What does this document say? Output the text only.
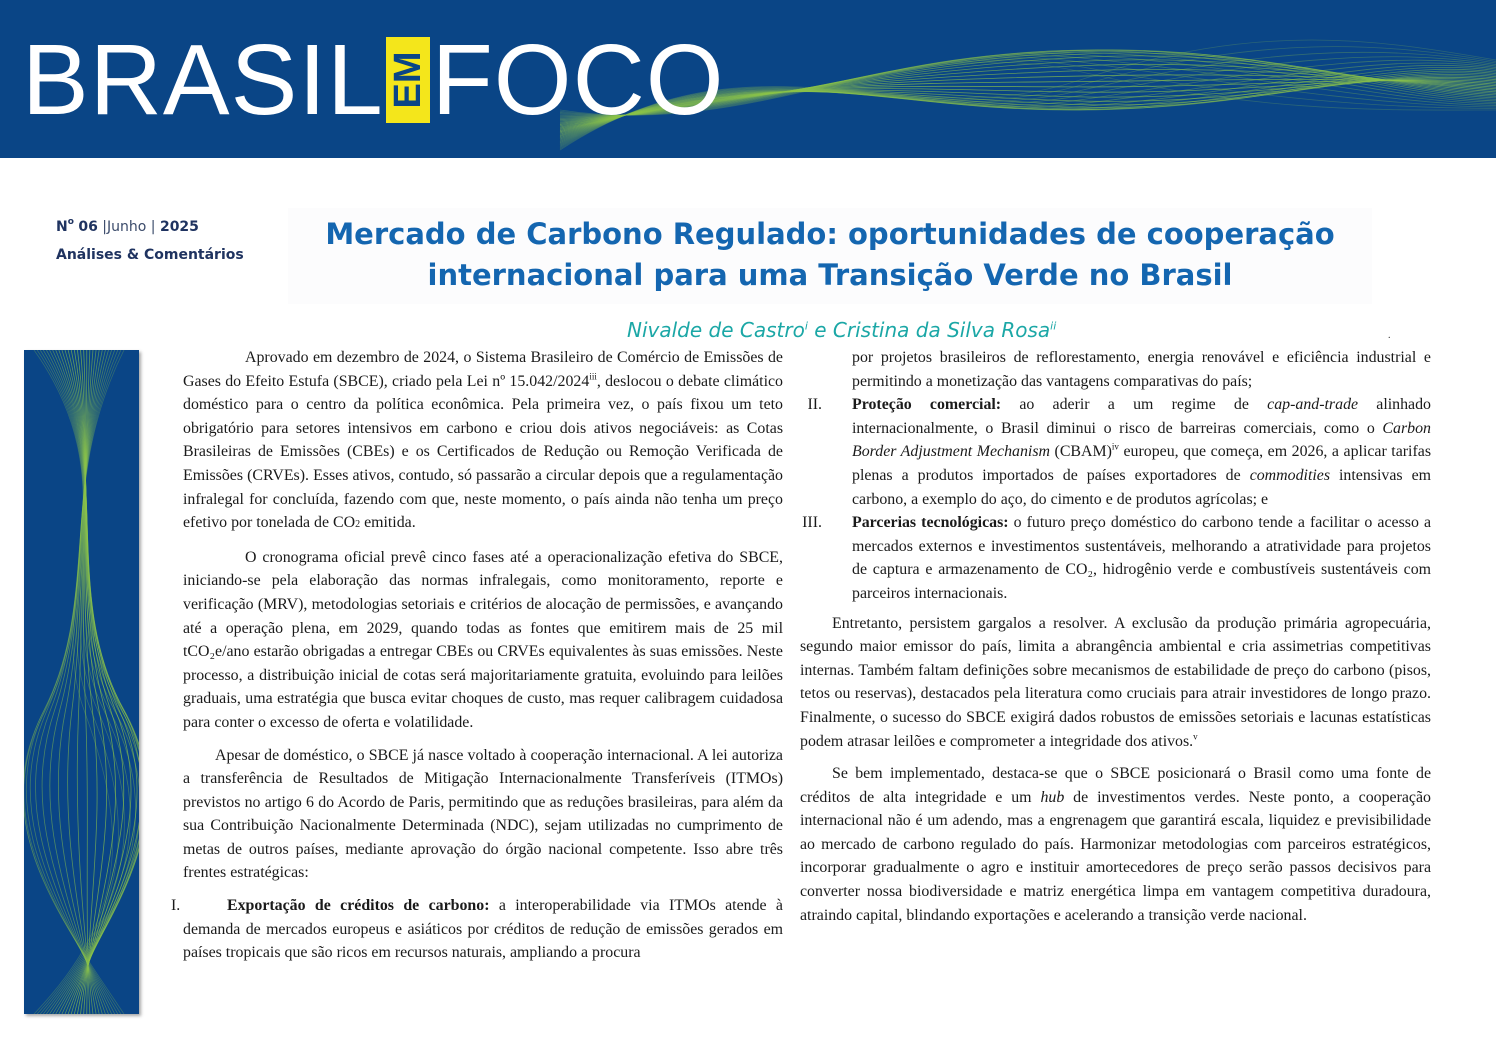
BRASIL EM FOCO
$N^o$ 06 |Junho | 2025
Análises & Comentários
Mercado de Carbono Regulado: oportunidades de cooperação internacional para uma Transição Verde no Brasil
Nivalde de Castro$^i$ e Cristina da Silva Rosa$^{ii}$
.

Aprovado em dezembro de 2024, o Sistema Brasileiro de Comércio de Emissões de Gases do Efeito Estufa (SBCE), criado pela Lei nº 15.042/2024$^{iii}$, deslocou o debate climático doméstico para o centro da política econômica. Pela primeira vez, o país fixou um teto obrigatório para setores intensivos em carbono e criou dois ativos negociáveis: as Cotas Brasileiras de Emissões (CBEs) e os Certificados de Redução ou Remoção Verificada de Emissões (CRVEs). Esses ativos, contudo, só passarão a circular depois que a regulamentação infralegal for concluída, fazendo com que, neste momento, o país ainda não tenha um preço efetivo por tonelada de CO2 emitida.

O cronograma oficial prevê cinco fases até a operacionalização efetiva do SBCE, iniciando-se pela elaboração das normas infralegais, como monitoramento, reporte e verificação (MRV), metodologias setoriais e critérios de alocação de permissões, e avançando até a operação plena, em 2029, quando todas as fontes que emitirem mais de 25 mil tCO₂e/ano estarão obrigadas a entregar CBEs ou CRVEs equivalentes às suas emissões. Neste processo, a distribuição inicial de cotas será majoritariamente gratuita, evoluindo para leilões graduais, uma estratégia que busca evitar choques de custo, mas requer calibragem cuidadosa para conter o excesso de oferta e volatilidade.

Apesar de doméstico, o SBCE já nasce voltado à cooperação internacional. A lei autoriza a transferência de Resultados de Mitigação Internacionalmente Transferíveis (ITMOs) previstos no artigo 6 do Acordo de Paris, permitindo que as reduções brasileiras, para além da sua Contribuição Nacionalmente Determinada (NDC), sejam utilizadas no cumprimento de metas de outros países, mediante aprovação do órgão nacional competente. Isso abre três frentes estratégicas:

I.	Exportação de créditos de carbono: a interoperabilidade via ITMOs atende à demanda de mercados europeus e asiáticos por créditos de redução de emissões gerados em países tropicais que são ricos em recursos naturais, ampliando a procura
por projetos brasileiros de reflorestamento, energia renovável e eficiência industrial e permitindo a monetização das vantagens comparativas do país;
II. Proteção comercial: ao aderir a um regime de cap-and-trade alinhado internacionalmente, o Brasil diminui o risco de barreiras comerciais, como o Carbon Border Adjustment Mechanism (CBAM)$^{iv}$ europeu, que começa, em 2026, a aplicar tarifas plenas a produtos importados de países exportadores de commodities intensivas em carbono, a exemplo do aço, do cimento e de produtos agrícolas; e
III. Parcerias tecnológicas: o futuro preço doméstico do carbono tende a facilitar o acesso a mercados externos e investimentos sustentáveis, melhorando a atratividade para projetos de captura e armazenamento de CO₂, hidrogênio verde e combustíveis sustentáveis com parceiros internacionais.

Entretanto, persistem gargalos a resolver. A exclusão da produção primária agropecuária, segundo maior emissor do país, limita a abrangência ambiental e cria assimetrias competitivas internas. Também faltam definições sobre mecanismos de estabilidade de preço do carbono (pisos, tetos ou reservas), destacados pela literatura como cruciais para atrair investidores de longo prazo. Finalmente, o sucesso do SBCE exigirá dados robustos de emissões setoriais e lacunas estatísticas podem atrasar leilões e comprometer a integridade dos ativos.$^v$

Se bem implementado, destaca-se que o SBCE posicionará o Brasil como uma fonte de créditos de alta integridade e um hub de investimentos verdes. Neste ponto, a cooperação internacional não é um adendo, mas a engrenagem que garantirá escala, liquidez e previsibilidade ao mercado de carbono regulado do país. Harmonizar metodologias com parceiros estratégicos, incorporar gradualmente o agro e instituir amortecedores de preço serão passos decisivos para converter nossa biodiversidade e matriz energética limpa em vantagem competitiva duradoura, atraindo capital, blindando exportações e acelerando a transição verde nacional.
